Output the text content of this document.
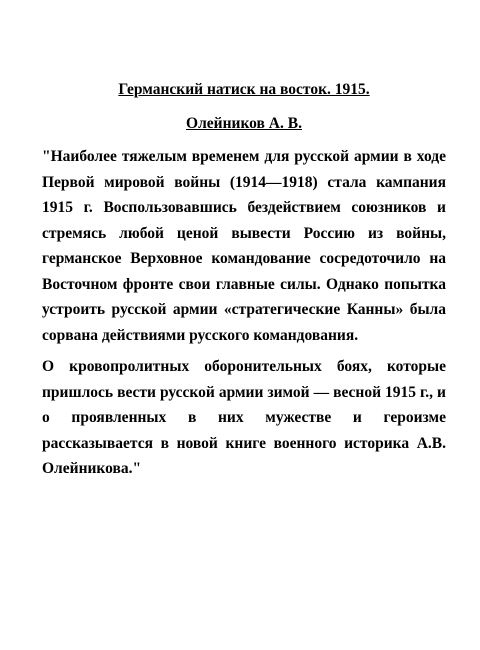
Германский натиск на восток. 1915.
Олейников А. В.

"Наиболее тяжелым временем для русской армии в ходе Первой мировой войны (1914—1918) стала кампания 1915 г. Воспользовавшись бездействием союзников и стремясь любой ценой вывести Россию из войны, германское Верховное командование сосредоточило на Восточном фронте свои главные силы. Однако попытка устроить русской армии «стратегические Канны» была сорвана действиями русского командования.

О кровопролитных оборонительных боях, которые пришлось вести русской армии зимой — весной 1915 г., и о проявленных в них мужестве и героизме рассказывается в новой книге военного историка А.В. Олейникова."
